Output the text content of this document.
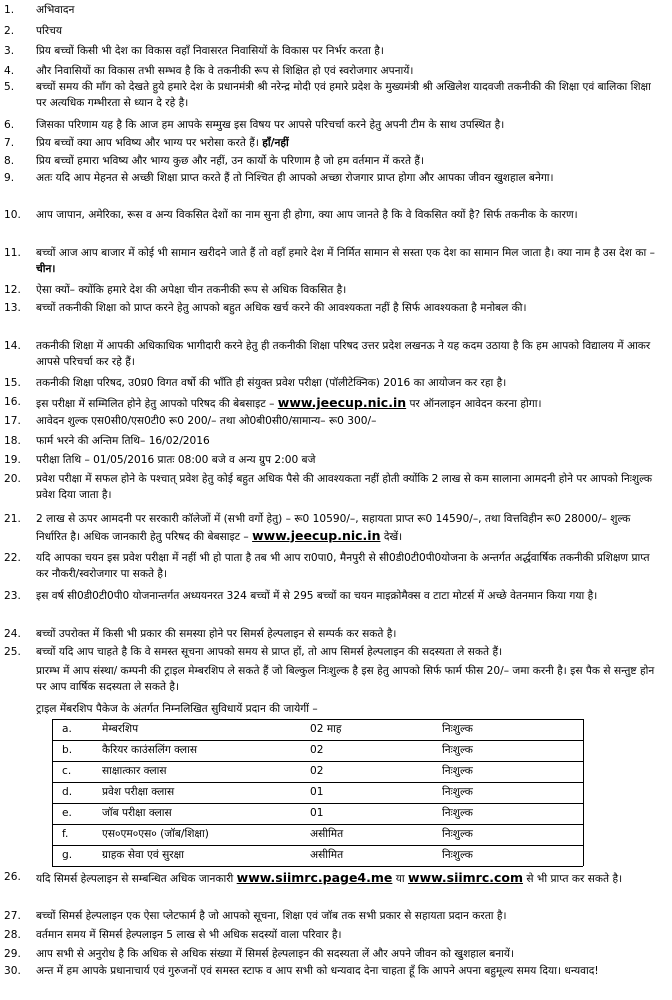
1.	अभिवादन
2.	परिचय
3.	प्रिय बच्चों किसी भी देश का विकास वहाँ निवासरत निवासियों के विकास पर निर्भर करता है।
4.	और निवासियों का विकास तभी सम्भव है कि वे तकनीकी रूप से शिक्षित हो एवं स्वरोजगार अपनायें।
5.	बच्चों समय की माँग को देखते हुये हमारे देश के प्रधानमंत्री श्री नरेन्द्र मोदी एवं हमारे प्रदेश के मुख्यमंत्री श्री अखिलेश यादवजी तकनीकी की शिक्षा एवं बालिका शिक्षा पर अत्यधिक गम्भीरता से ध्यान दे रहे है।
6.	जिसका परिणाम यह है कि आज हम आपके सम्मुख इस विषय पर आपसे परिचर्चा करने हेतु अपनी टीम के साथ उपस्थित है।
7.	प्रिय बच्चों क्या आप भविष्य और भाग्य पर भरोसा करते हैं। हाँ/नहीं
8.	प्रिय बच्चों हमारा भविष्य और भाग्य कुछ और नहीं, उन कार्यो के परिणाम है जो हम वर्तमान में करते हैं।
9.	अतः यदि आप मेहनत से अच्छी शिक्षा प्राप्त करते हैं तो निश्चित ही आपको अच्छा रोजगार प्राप्त होगा और आपका जीवन खुशहाल बनेगा।
10.	आप जापान, अमेरिका, रूस व अन्य विकसित देशों का नाम सुना ही होगा, क्या आप जानते है कि वे विकसित क्यों है? सिर्फ तकनीक के कारण।
11.	बच्चों आज आप बाजार में कोई भी सामान खरीदने जाते हैं तो वहाँ हमारे देश में निर्मित सामान से सस्ता एक देश का सामान मिल जाता है। क्या नाम है उस देश का – चीन।
12.	ऐसा क्यों– क्योंकि हमारे देश की अपेक्षा चीन तकनीकी रूप से अधिक विकसित है।
13.	बच्चों तकनीकी शिक्षा को प्राप्त करने हेतु आपको बहुत अधिक खर्च करने की आवश्यकता नहीं है सिर्फ आवश्यकता है मनोबल की।
14.	तकनीकी शिक्षा में आपकी अधिकाधिक भागीदारी करने हेतु ही तकनीकी शिक्षा परिषद उत्तर प्रदेश लखनऊ ने यह कदम उठाया है कि हम आपको विद्यालय में आकर आपसे परिचर्चा कर रहे हैं।
15.	तकनीकी शिक्षा परिषद, उ0प्र0 विगत वर्षो की भाँति ही संयुक्त प्रवेश परीक्षा (पॉलीटेक्निक) 2016 का आयोजन कर रहा है।
16.	इस परीक्षा में सम्मिलित होने हेतु आपको परिषद की बेबसाइट – www.jeecup.nic.in पर ऑनलाइन आवेदन करना होगा।
17.	आवेदन शुल्क एस0सी0/एस0टी0 रू0 200/– तथा ओ0बी0सी0/सामान्य– रू0 300/–
18.	फार्म भरने की अन्तिम तिथि– 16/02/2016
19.	परीक्षा तिथि – 01/05/2016 प्रातः 08:00 बजे व अन्य ग्रुप 2:00 बजे
20.	प्रवेश परीक्षा में सफल होने के पश्चात् प्रवेश हेतु कोई बहुत अधिक पैसे की आवश्यकता नहीं होती क्योंकि 2 लाख से कम सालाना आमदनी होने पर आपको निःशुल्क प्रवेश दिया जाता है।
21.	2 लाख से ऊपर आमदनी पर सरकारी कॉलेजों में (सभी वर्गो हेतु) – रू0 10590/–, सहायता प्राप्त रू0 14590/–, तथा वित्तविहीन रू0 28000/– शुल्क निर्धारित है। अधिक जानकारी हेतु परिषद की बेबसाइट – www.jeecup.nic.in देखें।
22.	यदि आपका चयन इस प्रवेश परीक्षा में नहीं भी हो पाता है तब भी आप रा0पा0, मैनपुरी से सी0डी0टी0पी0योजना के अन्तर्गत अर्द्धवार्षिक तकनीकी प्रशिक्षण प्राप्त कर नौकरी/स्वरोजगार पा सकते है।
23.	इस वर्ष सी0डी0टी0पी0 योजनान्तर्गत अध्ययनरत 324 बच्चों में से 295 बच्चों का चयन माइक्रोमैक्स व टाटा मोटर्स में अच्छे वेतनमान किया गया है।
24.	बच्चों उपरोक्त में किसी भी प्रकार की समस्या होने पर सिमर्स हेल्पलाइन से सम्पर्क कर सकते है।
25.	बच्चों यदि आप चाहते है कि वे समस्त सूचना आपको समय से प्राप्त हों, तो आप सिमर्स हेल्पलाइन की सदस्यता ले सकते हैं।
प्रारम्भ में आप संस्था/ कम्पनी की ट्राइल मेम्बरशिप ले सकते हैं जो बिल्कुल निःशुल्क है इस हेतु आपको सिर्फ फार्म फीस 20/– जमा करनी है। इस पैक से सन्तुष्ट होन पर आप वार्षिक सदस्यता ले सकते है।
ट्राइल मेंबरशिप पैकेज के अंतर्गत निम्नलिखित सुविधायें प्रदान की जायेगीं –
a.	मेम्बरशिप	02 माह	निःशुल्क
b.	कैरियर काउंसलिंग क्लास	02	निःशुल्क
c.	साक्षात्कार क्लास	02	निःशुल्क
d.	प्रवेश परीक्षा क्लास	01	निःशुल्क
e.	जॉब परीक्षा क्लास	01	निःशुल्क
f.	एस०एम०एस० (जॉब/शिक्षा)	असीमित	निःशुल्क
g.	ग्राहक सेवा एवं सुरक्षा	असीमित	निःशुल्क
26.	यदि सिमर्स हेल्पलाइन से सम्बन्धित अधिक जानकारी www.siimrc.page4.me या www.siimrc.com से भी प्राप्त कर सकते है।
27.	बच्चों सिमर्स हेल्पलाइन एक ऐसा प्लेटफार्म है जो आपको सूचना, शिक्षा एवं जॉब तक सभी प्रकार से सहायता प्रदान करता है।
28.	वर्तमान समय में सिमर्स हेल्पलाइन 5 लाख से भी अधिक सदस्यों वाला परिवार है।
29.	आप सभी से अनुरोध है कि अधिक से अधिक संख्या में सिमर्स हेल्पलाइन की सदस्यता लें और अपने जीवन को खुशहाल बनायें।
30.	अन्त में हम आपके प्रधानाचार्य एवं गुरुजनों एवं समस्त स्टाफ व आप सभी को धन्यवाद देना चाहता हूँ कि आपने अपना बहुमूल्य समय दिया। धन्यवाद!
